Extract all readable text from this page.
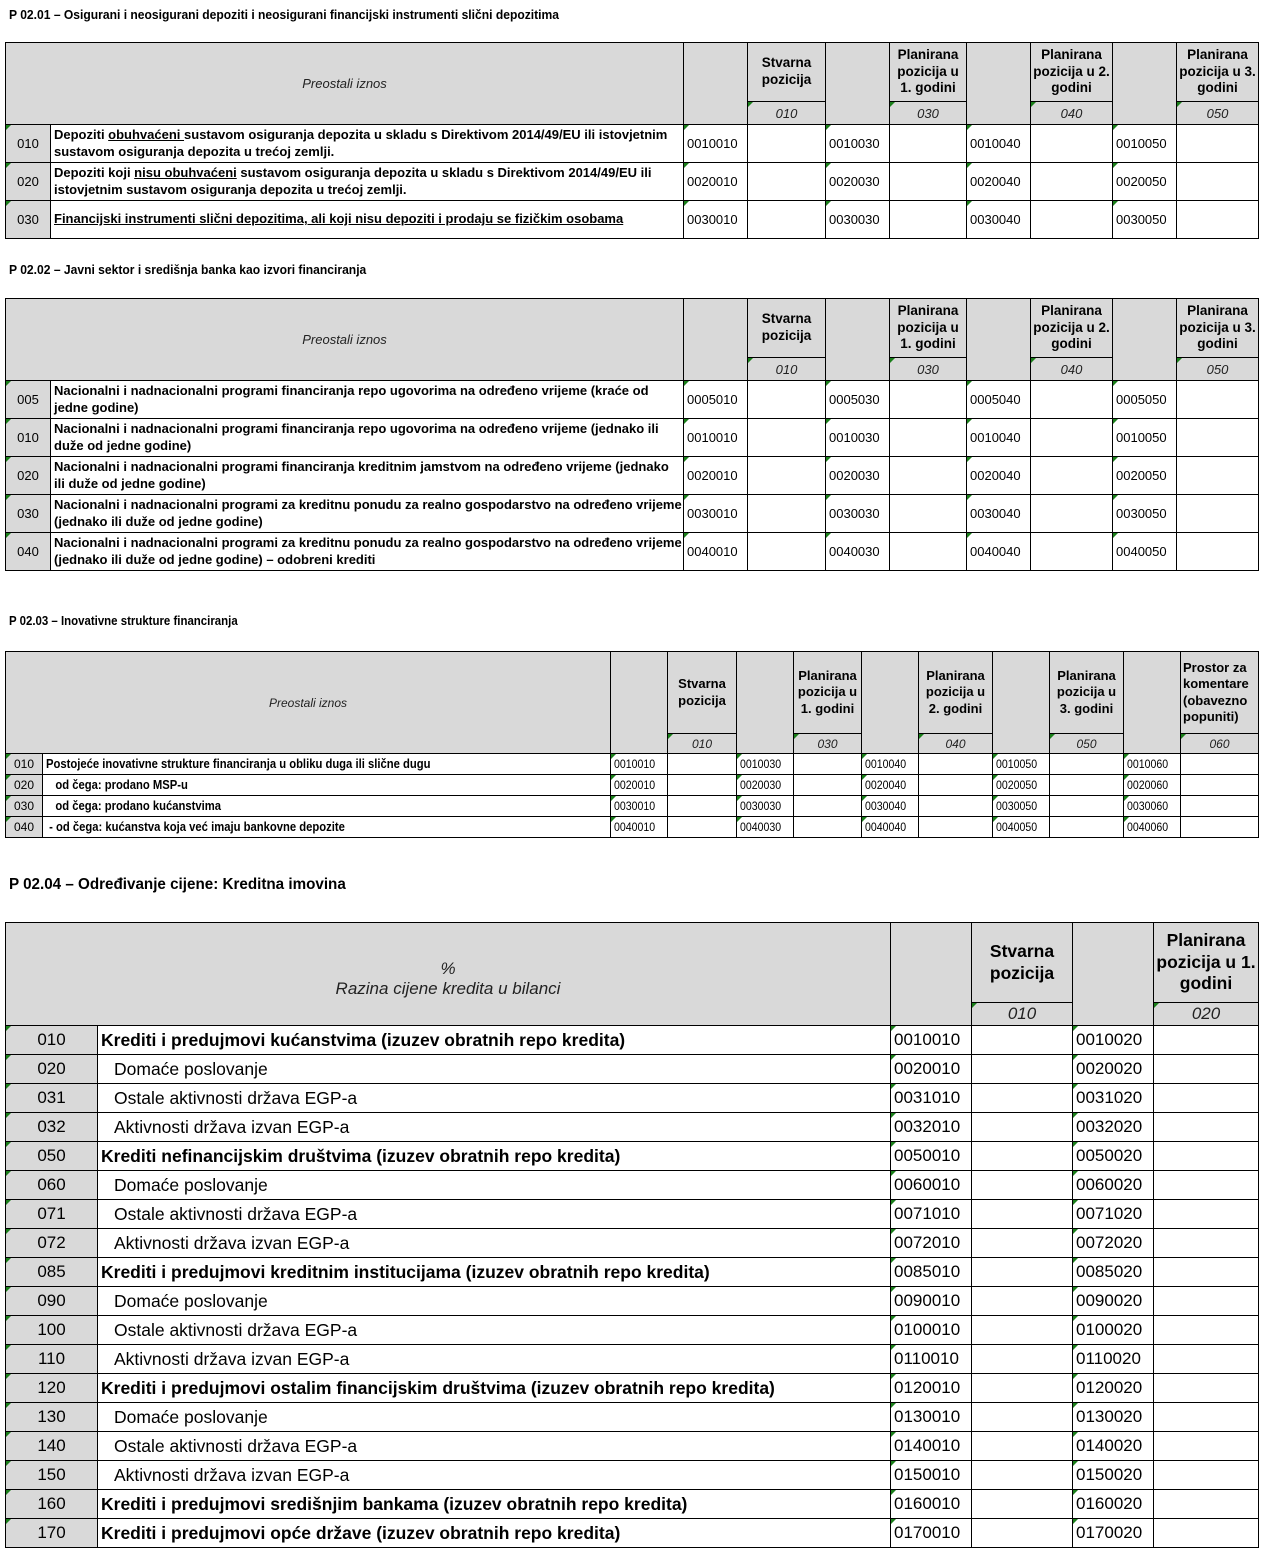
P 02.01 – Osigurani i neosigurani depoziti i neosigurani financijski instrumenti slični depozitima
Preostali iznos			Stvarna pozicija		Planirana pozicija u 1. godini		Planirana pozicija u 2. godini		Planirana pozicija u 3. godini
			010		030		040		050
010	Depoziti obuhvaćeni sustavom osiguranja depozita u skladu s Direktivom 2014/49/EU ili istovjetnim sustavom osiguranja depozita u trećoj zemlji.	0010010		0010030		0010040		0010050	
020	Depoziti koji nisu obuhvaćeni sustavom osiguranja depozita u skladu s Direktivom 2014/49/EU ili istovjetnim sustavom osiguranja depozita u trećoj zemlji.	0020010		0020030		0020040		0020050	
030	Financijski instrumenti slični depozitima, ali koji nisu depoziti i prodaju se fizičkim osobama	0030010		0030030		0030040		0030050	
P 02.02 – Javni sektor i središnja banka kao izvori financiranja
Preostali iznos			Stvarna pozicija		Planirana pozicija u 1. godini		Planirana pozicija u 2. godini		Planirana pozicija u 3. godini
			010		030		040		050
005	Nacionalni i nadnacionalni programi financiranja repo ugovorima na određeno vrijeme (kraće od jedne godine)	0005010		0005030		0005040		0005050	
010	Nacionalni i nadnacionalni programi financiranja repo ugovorima na određeno vrijeme (jednako ili duže od jedne godine)	0010010		0010030		0010040		0010050	
020	Nacionalni i nadnacionalni programi financiranja kreditnim jamstvom na određeno vrijeme (jednako ili duže od jedne godine)	0020010		0020030		0020040		0020050	
030	Nacionalni i nadnacionalni programi za kreditnu ponudu za realno gospodarstvo na određeno vrijeme (jednako ili duže od jedne godine)	0030010		0030030		0030040		0030050	
040	Nacionalni i nadnacionalni programi za kreditnu ponudu za realno gospodarstvo na određeno vrijeme (jednako ili duže od jedne godine) – odobreni krediti	0040010		0040030		0040040		0040050	
P 02.03 – Inovativne strukture financiranja
Preostali iznos			Stvarna pozicija		Planirana pozicija u 1. godini		Planirana pozicija u 2. godini		Planirana pozicija u 3. godini		Prostor za komentare (obavezno popuniti)
			010		030		040		050		060
010	Postojeće inovativne strukture financiranja u obliku duga ili slične dugu	0010010		0010030		0010040		0010050		0010060	
020	od čega: prodano MSP-u	0020010		0020030		0020040		0020050		0020060	
030	od čega: prodano kućanstvima	0030010		0030030		0030040		0030050		0030060	
040	- od čega: kućanstva koja već imaju bankovne depozite	0040010		0040030		0040040		0040050		0040060	
P 02.04 – Određivanje cijene: Kreditna imovina
%
Razina cijene kredita u bilanci			Stvarna pozicija		Planirana pozicija u 1. godini
			010		020
010	Krediti i predujmovi kućanstvima (izuzev obratnih repo kredita)	0010010		0010020	
020	Domaće poslovanje	0020010		0020020	
031	Ostale aktivnosti država EGP-a	0031010		0031020	
032	Aktivnosti država izvan EGP-a	0032010		0032020	
050	Krediti nefinancijskim društvima (izuzev obratnih repo kredita)	0050010		0050020	
060	Domaće poslovanje	0060010		0060020	
071	Ostale aktivnosti država EGP-a	0071010		0071020	
072	Aktivnosti država izvan EGP-a	0072010		0072020	
085	Krediti i predujmovi kreditnim institucijama (izuzev obratnih repo kredita)	0085010		0085020	
090	Domaće poslovanje	0090010		0090020	
100	Ostale aktivnosti država EGP-a	0100010		0100020	
110	Aktivnosti država izvan EGP-a	0110010		0110020	
120	Krediti i predujmovi ostalim financijskim društvima (izuzev obratnih repo kredita)	0120010		0120020	
130	Domaće poslovanje	0130010		0130020	
140	Ostale aktivnosti država EGP-a	0140010		0140020	
150	Aktivnosti država izvan EGP-a	0150010		0150020	
160	Krediti i predujmovi središnjim bankama (izuzev obratnih repo kredita)	0160010		0160020	
170	Krediti i predujmovi opće države (izuzev obratnih repo kredita)	0170010		0170020	
